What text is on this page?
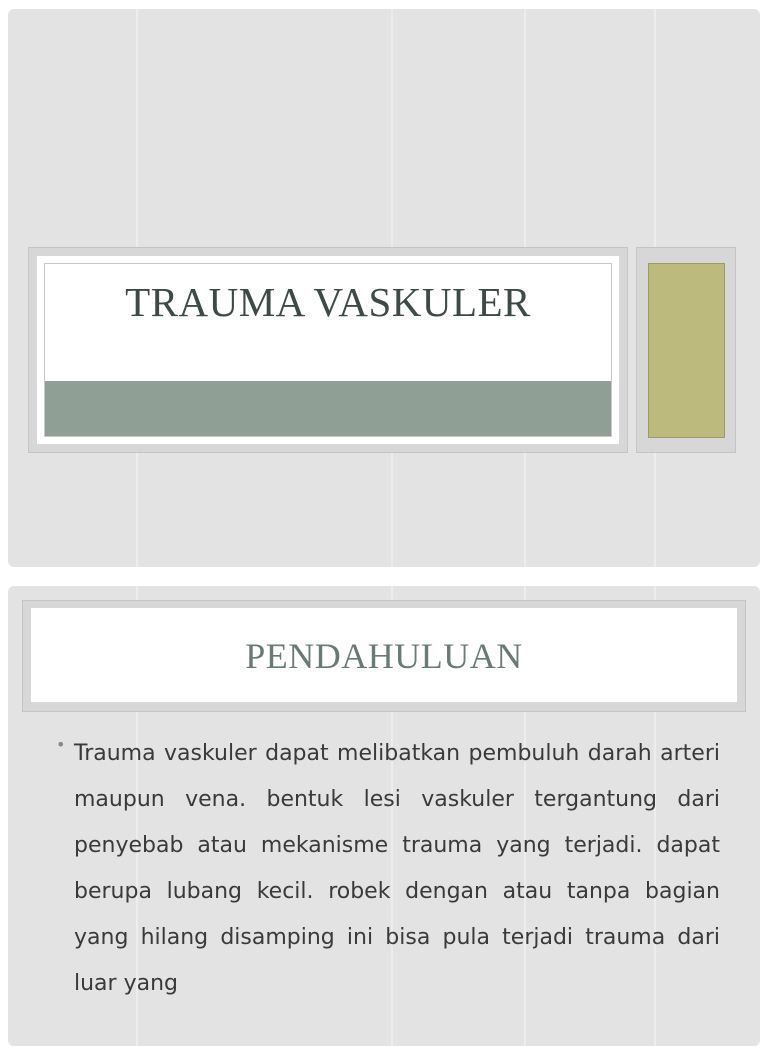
TRAUMA VASKULER
PENDAHULUAN
• Trauma vaskuler dapat melibatkan pembuluh darah arteri maupun vena. bentuk lesi vaskuler tergantung dari penyebab atau mekanisme trauma yang terjadi. dapat berupa lubang kecil. robek dengan atau tanpa bagian yang hilang disamping ini bisa pula terjadi trauma dari luar yang
